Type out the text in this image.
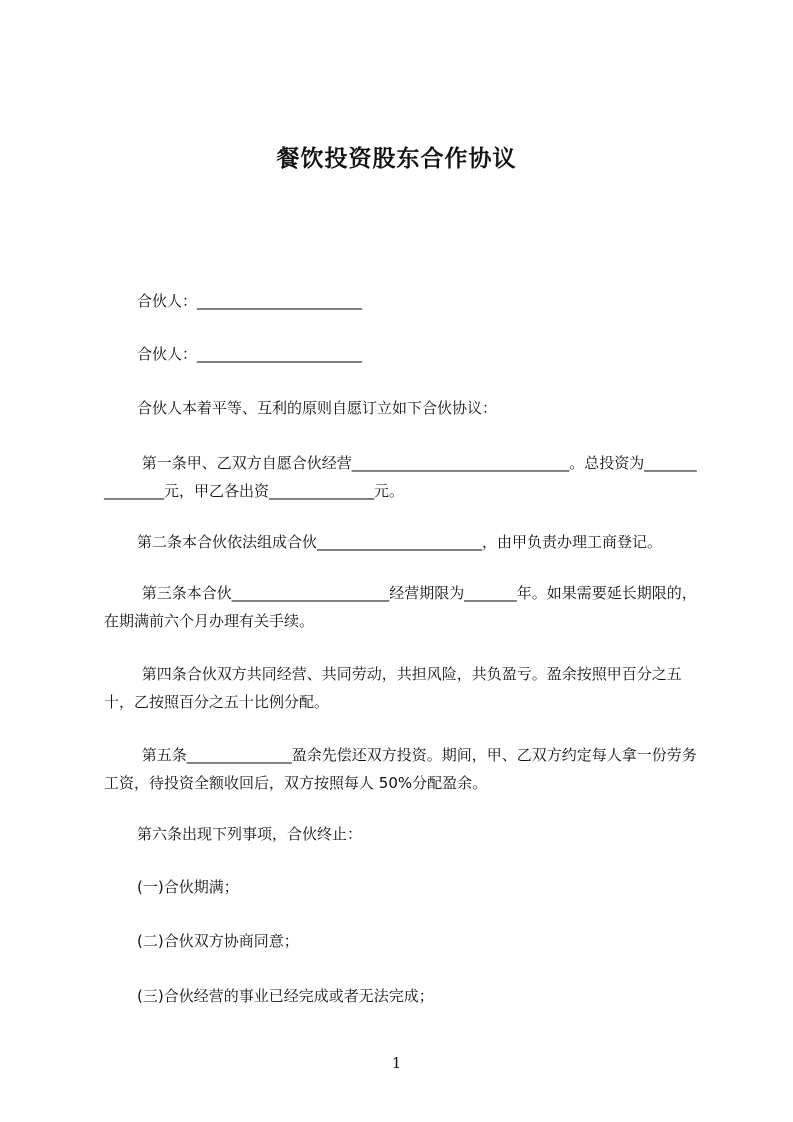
餐饮投资股东合作协议

合伙人：______________________

合伙人：______________________

合伙人本着平等、互利的原则自愿订立如下合伙协议：

第一条甲、乙双方自愿合伙经营_____________________________。总投资为_______________元，甲乙各出资______________元。

第二条本合伙依法组成合伙______________________，由甲负责办理工商登记。

第三条本合伙_____________________经营期限为_______年。如果需要延长期限的，在期满前六个月办理有关手续。

第四条合伙双方共同经营、共同劳动，共担风险，共负盈亏。盈余按照甲百分之五十，乙按照百分之五十比例分配。

第五条______________盈余先偿还双方投资。期间，甲、乙双方约定每人拿一份劳务工资，待投资全额收回后，双方按照每人 50%分配盈余。

第六条出现下列事项，合伙终止：

(一)合伙期满；

(二)合伙双方协商同意；

(三)合伙经营的事业已经完成或者无法完成；

1
